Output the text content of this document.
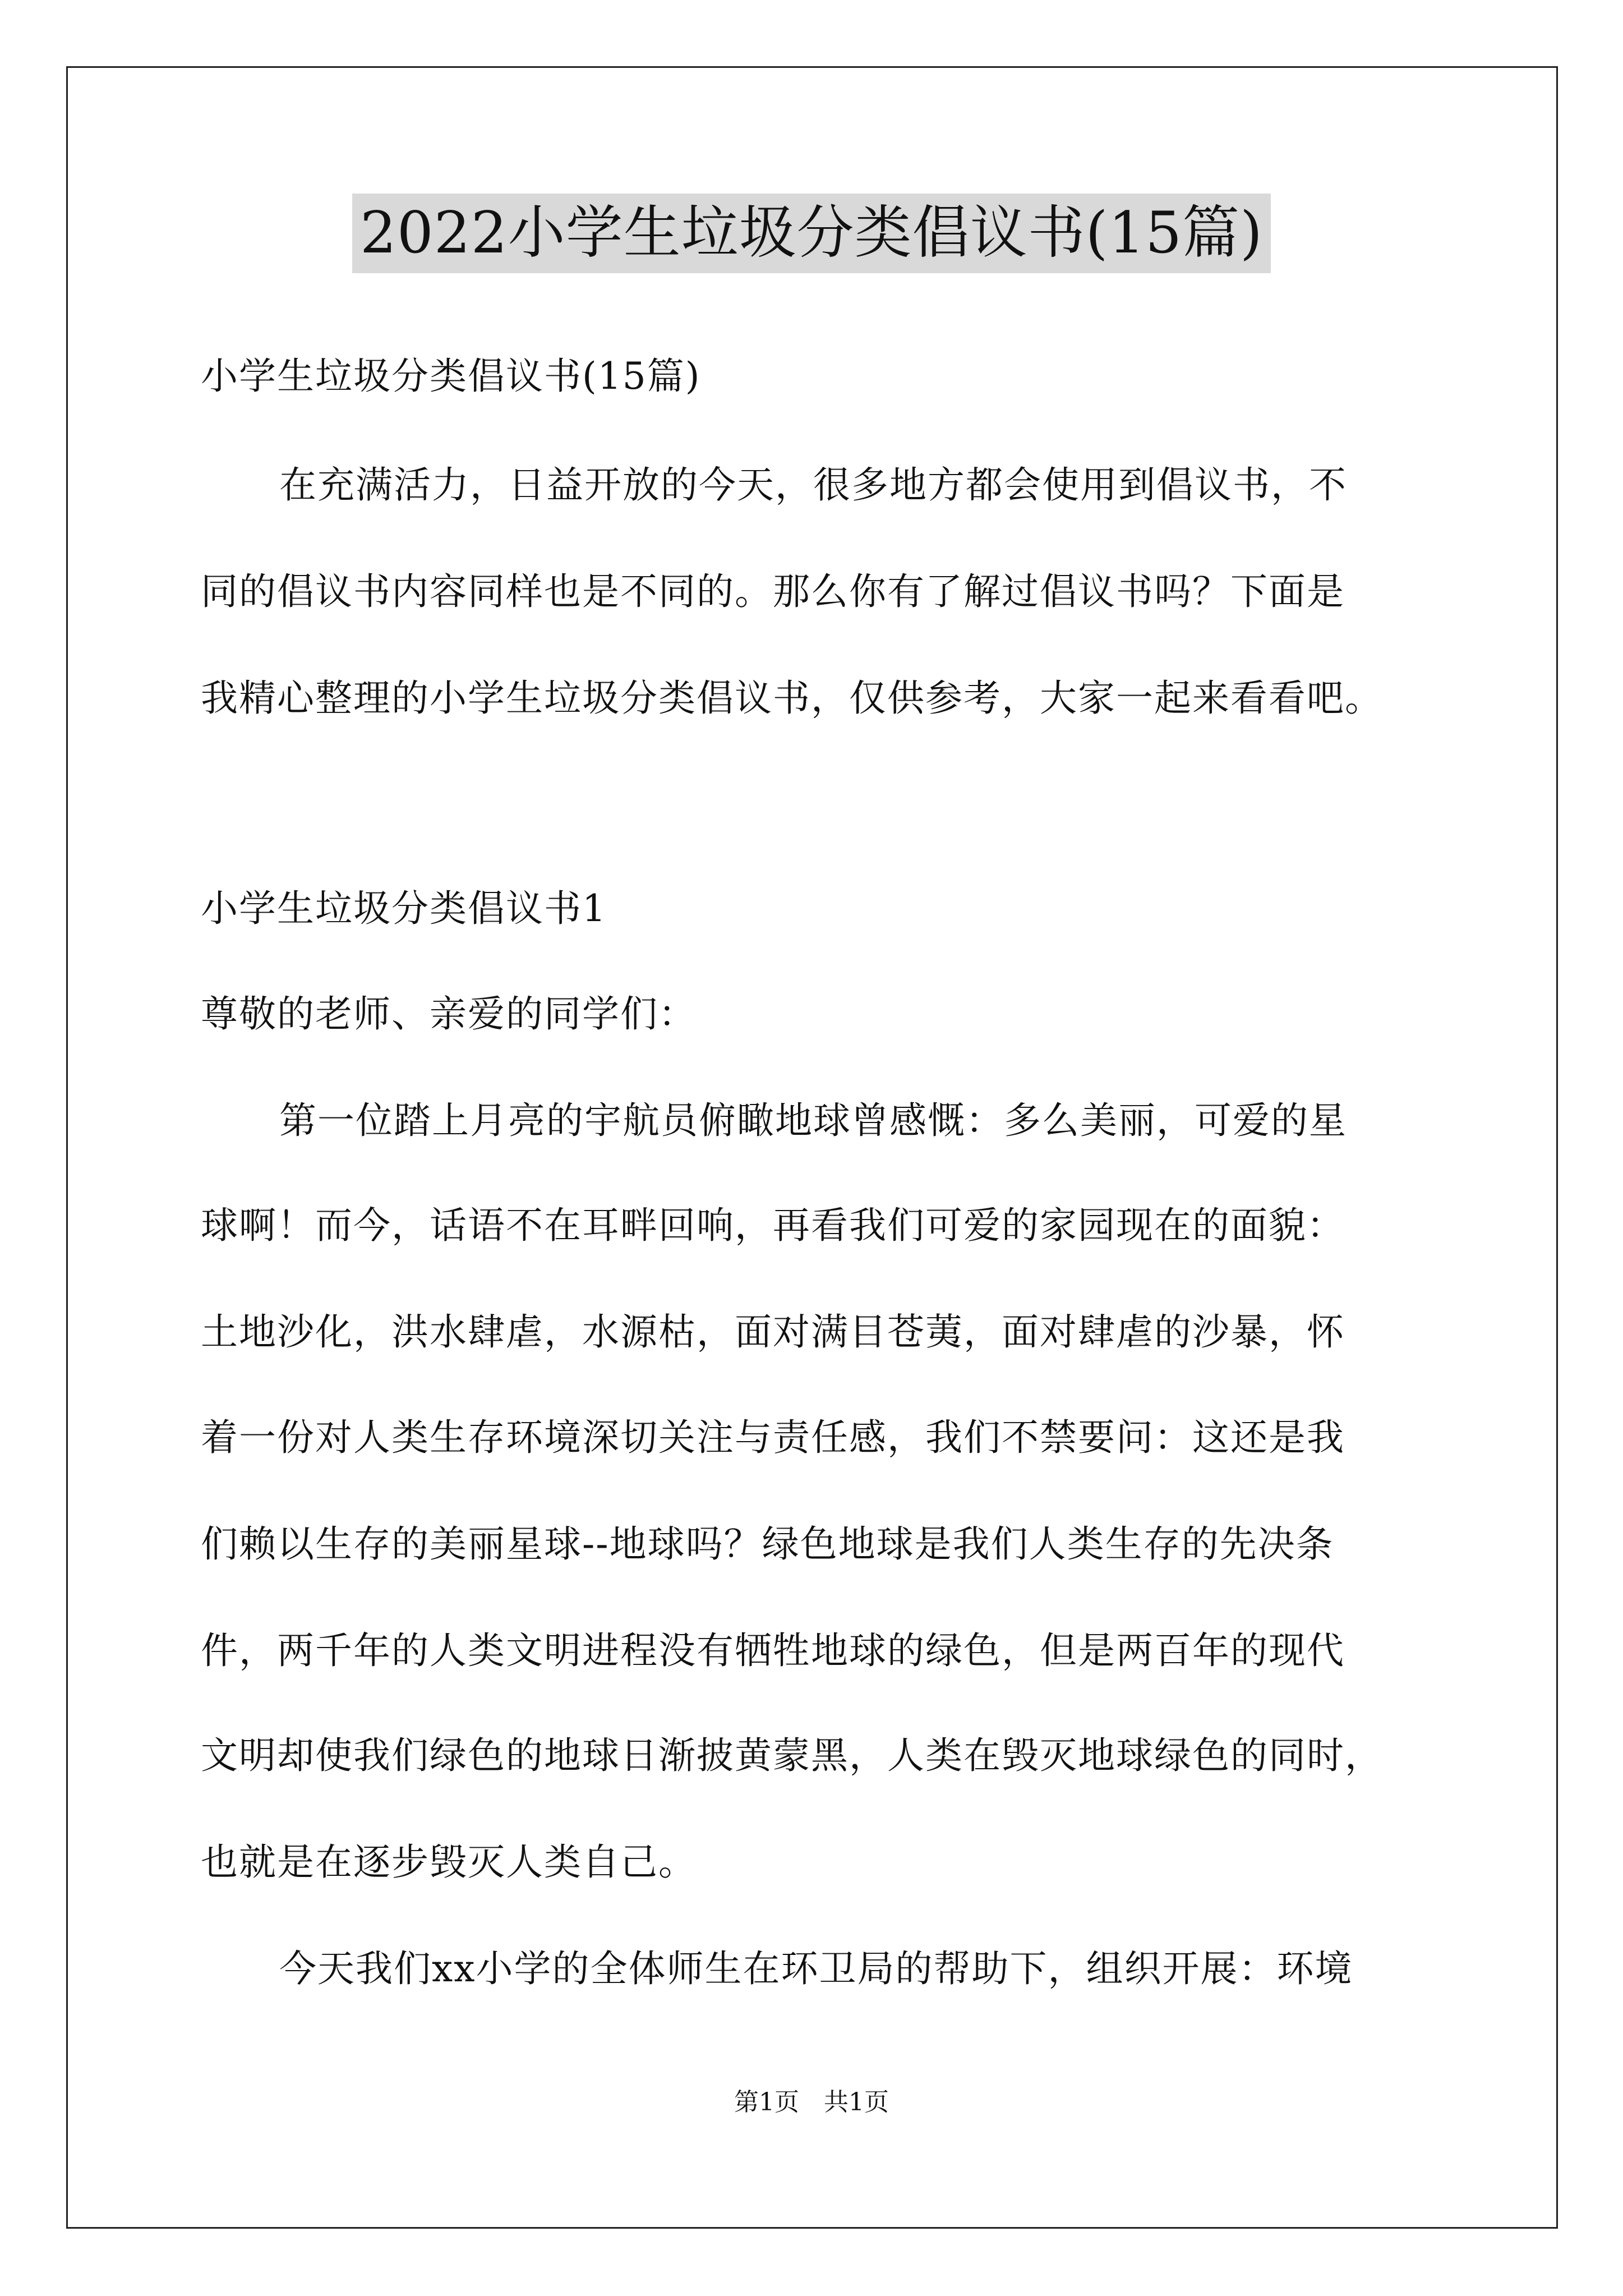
2022小学生垃圾分类倡议书(15篇)
小学生垃圾分类倡议书(15篇)
在充满活力，日益开放的今天，很多地方都会使用到倡议书，不
同的倡议书内容同样也是不同的。那么你有了解过倡议书吗？下面是
我精心整理的小学生垃圾分类倡议书，仅供参考，大家一起来看看吧。
小学生垃圾分类倡议书1
尊敬的老师、亲爱的同学们：
第一位踏上月亮的宇航员俯瞰地球曾感慨：多么美丽，可爱的星
球啊！而今，话语不在耳畔回响，再看我们可爱的家园现在的面貌：
土地沙化，洪水肆虐，水源枯，面对满目苍荑，面对肆虐的沙暴，怀
着一份对人类生存环境深切关注与责任感，我们不禁要问：这还是我
们赖以生存的美丽星球--地球吗？绿色地球是我们人类生存的先决条
件，两千年的人类文明进程没有牺牲地球的绿色，但是两百年的现代
文明却使我们绿色的地球日渐披黄蒙黑，人类在毁灭地球绿色的同时，
也就是在逐步毁灭人类自己。
今天我们xx小学的全体师生在环卫局的帮助下，组织开展：环境
第1页　共1页
